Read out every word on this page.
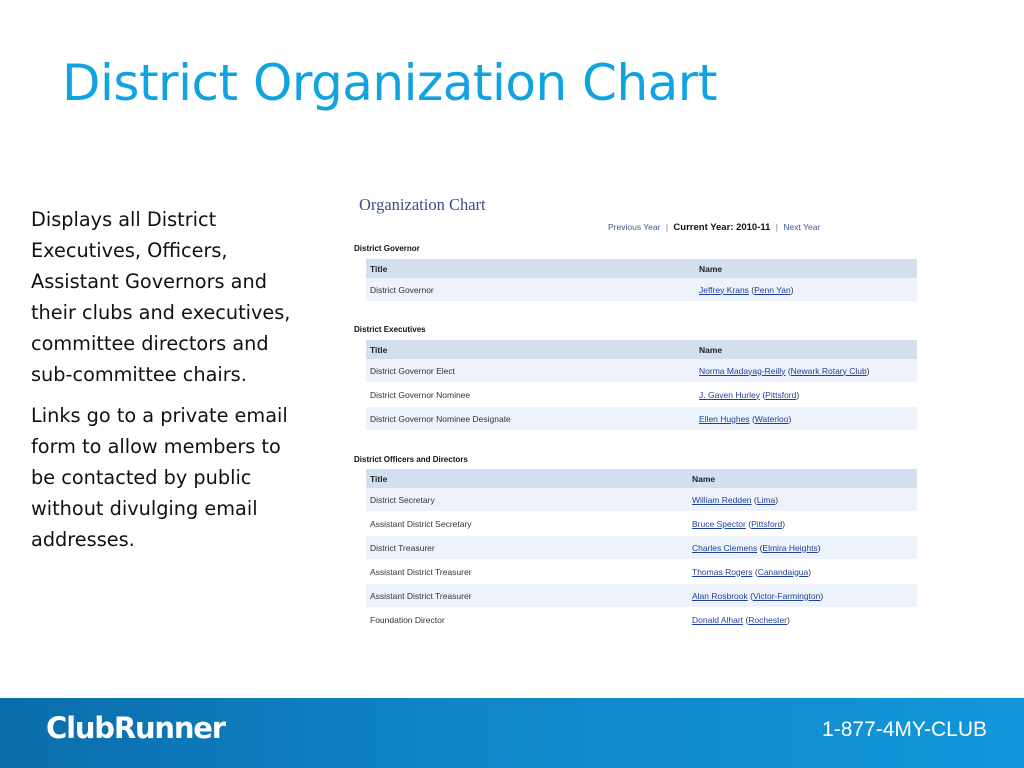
District Organization Chart

Displays all District Executives, Officers, Assistant Governors and their clubs and executives, committee directors and sub-committee chairs.

Links go to a private email form to allow members to be contacted by public without divulging email addresses.

Organization Chart
Previous Year | Current Year: 2010-11 | Next Year
District Governor
Title	Name
District Governor	Jeffrey Krans (Penn Yan)
District Executives
Title	Name
District Governor Elect	Norma Madayag-Reilly (Newark Rotary Club)
District Governor Nominee	J. Gaven Hurley (Pittsford)
District Governor Nominee Designate	Ellen Hughes (Waterloo)
District Officers and Directors
Title	Name
District Secretary	William Redden (Lima)
Assistant District Secretary	Bruce Spector (Pittsford)
District Treasurer	Charles Clemens (Elmira Heights)
Assistant District Treasurer	Thomas Rogers (Canandaigua)
Assistant District Treasurer	Alan Rosbrook (Victor-Farmington)
Foundation Director	Donald Alhart (Rochester)
ClubRunner	1-877-4MY-CLUB
